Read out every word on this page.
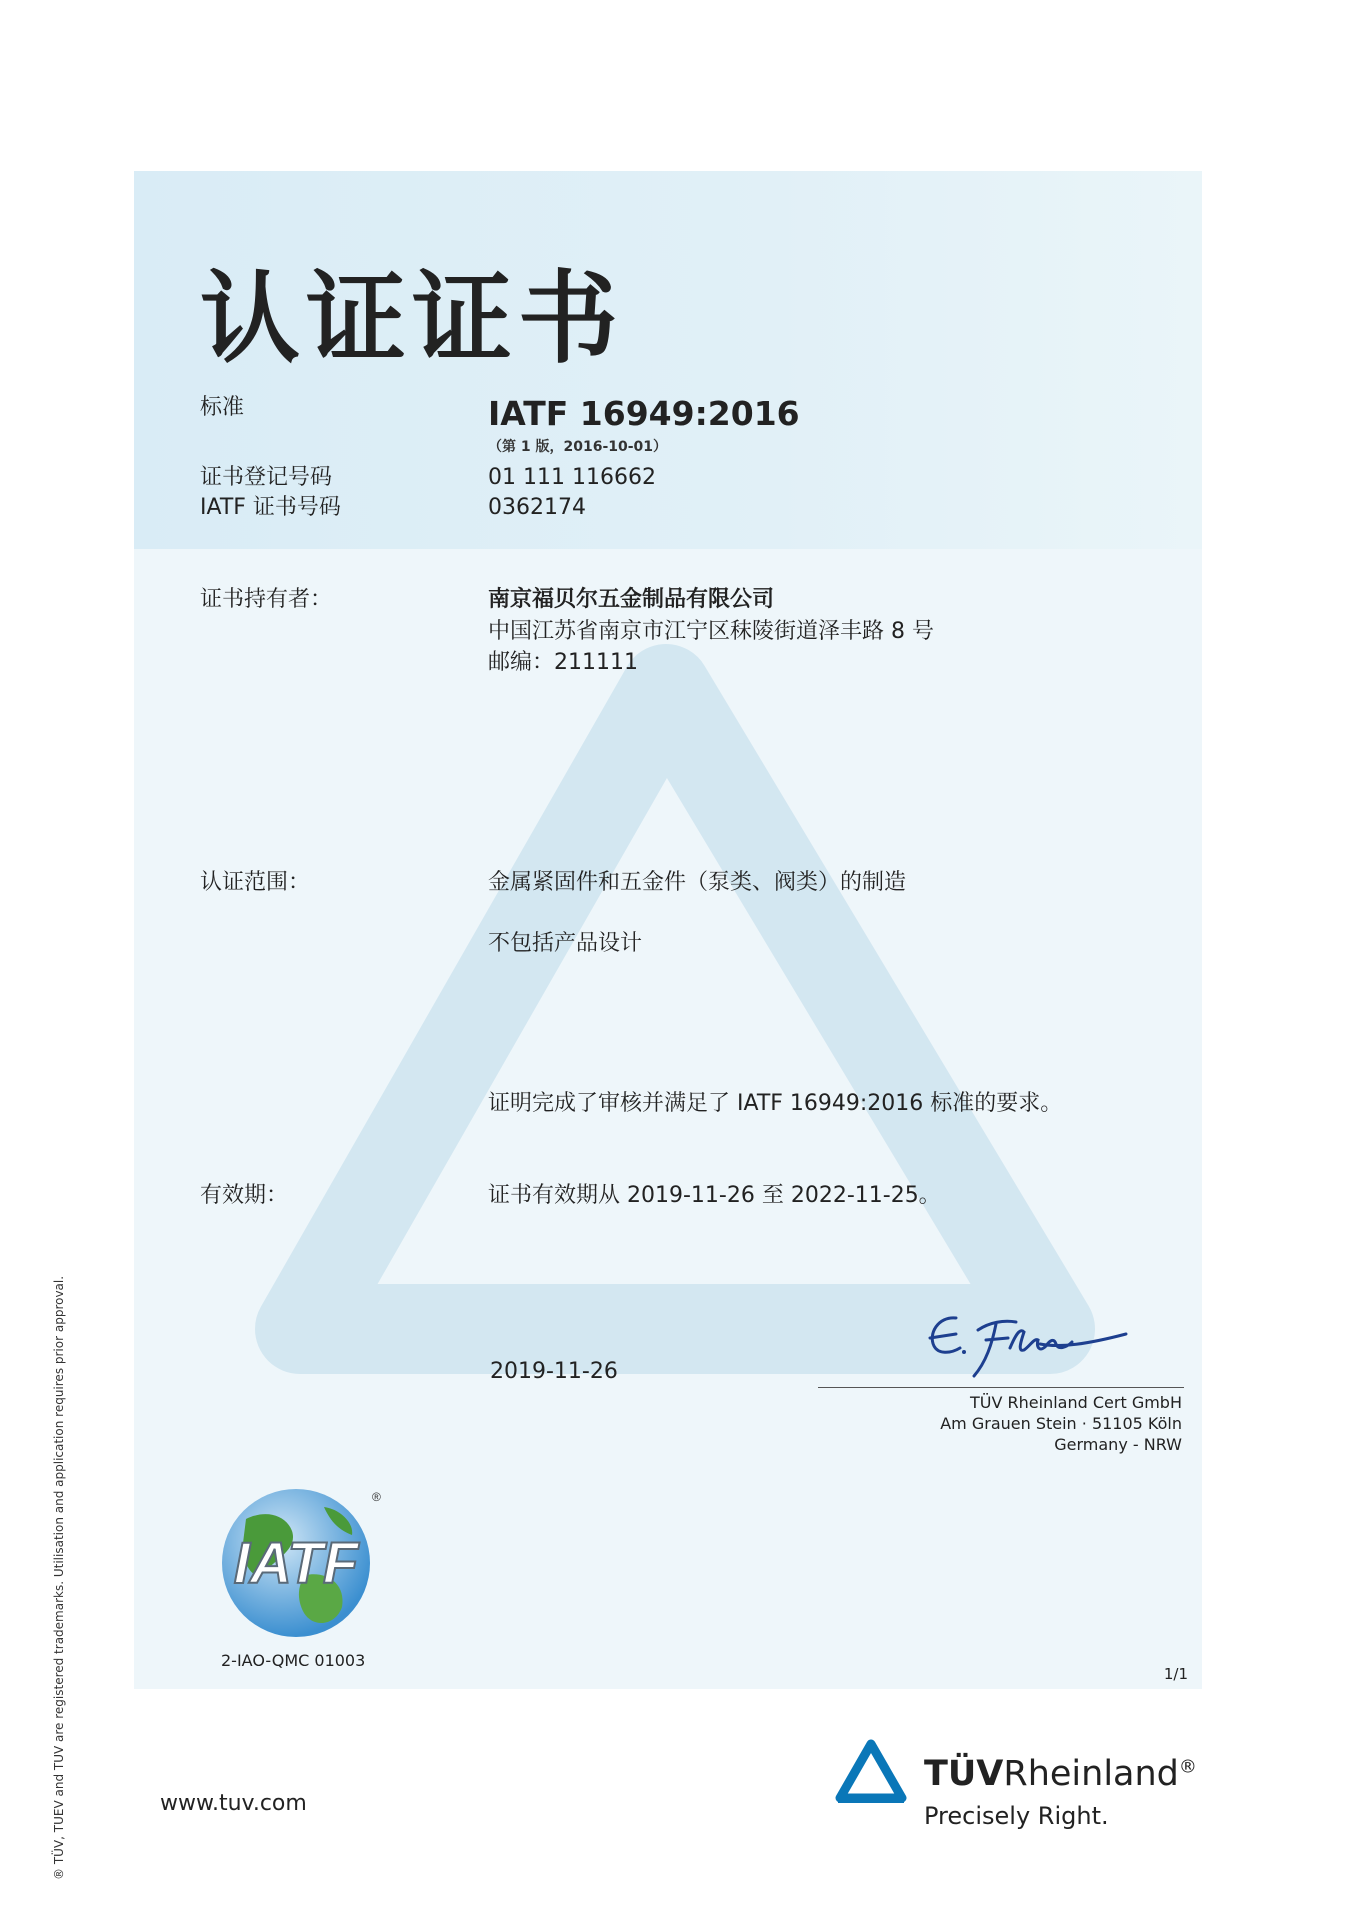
认证证书
标准	IATF 16949:2016
（第 1 版，2016-10-01）
证书登记号码	01 111 116662
IATF 证书号码	0362174
证书持有者：	南京福贝尔五金制品有限公司
中国江苏省南京市江宁区秣陵街道泽丰路 8 号
邮编：211111
认证范围：	金属紧固件和五金件（泵类、阀类）的制造
不包括产品设计
证明完成了审核并满足了 IATF 16949:2016 标准的要求。
有效期：	证书有效期从 2019-11-26 至 2022-11-25。
2019-11-26
TÜV Rheinland Cert GmbH
Am Grauen Stein · 51105 Köln
Germany - NRW
IATF
®
2-IAO-QMC 01003
1/1
® TÜV, TUEV and TUV are registered trademarks. Utilisation and application requires prior approval.	www.tuv.com
TÜVRheinland®
Precisely Right.
